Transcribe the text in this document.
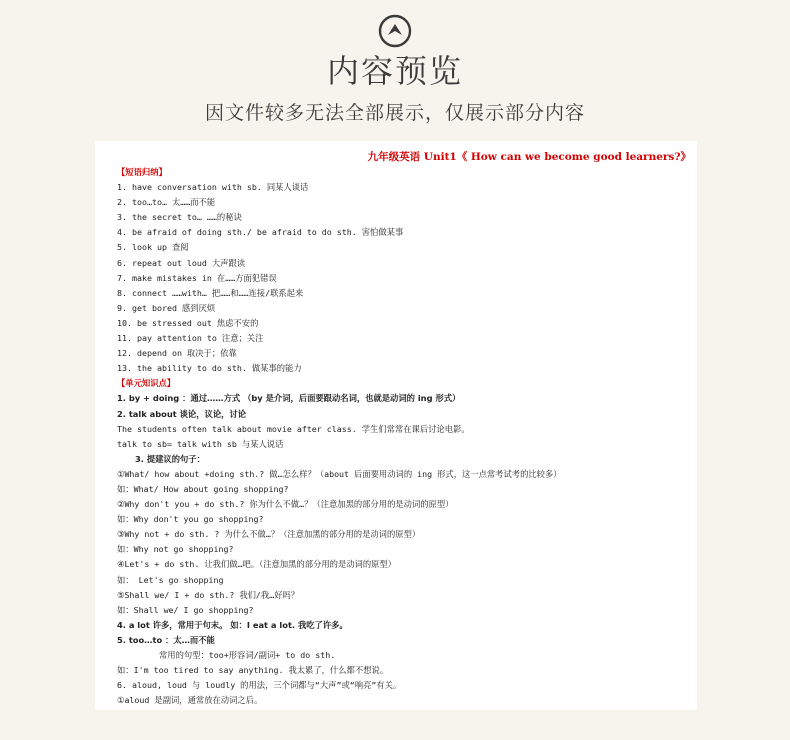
内容预览
因文件较多无法全部展示，仅展示部分内容
九年级英语 Unit1《 How can we become good learners?》
【短语归纳】
1. have conversation with sb. 同某人谈话
2. too…to… 太……而不能
3. the secret to… ……的秘诀
4. be afraid of doing sth./ be afraid to do sth. 害怕做某事
5. look up 查阅
6. repeat out loud 大声跟读
7. make mistakes in 在……方面犯错误
8. connect ……with… 把……和……连接/联系起来
9. get bored 感到厌烦
10. be stressed out 焦虑不安的
11. pay attention to 注意；关注
12. depend on 取决于；依靠
13. the ability to do sth. 做某事的能力
【单元知识点】
1. by + doing ：通过……方式 （by 是介词，后面要跟动名词，也就是动词的 ing 形式）
2. talk about 谈论，议论，讨论
The students often talk about movie after class. 学生们常常在课后讨论电影。
talk to sb= talk with sb 与某人说话
3. 提建议的句子：
①What/ how about +doing sth.? 做…怎么样？（about 后面要用动词的 ing 形式，这一点常考试考的比较多）
如：What/ How about going shopping?
②Why don't you + do sth.? 你为什么不做…？（注意加黑的部分用的是动词的原型）
如：Why don't you go shopping?
③Why not + do sth. ? 为什么不做…？（注意加黑的部分用的是动词的原型）
如：Why not go shopping?
④Let's + do sth. 让我们做…吧。（注意加黑的部分用的是动词的原型）
如： Let's go shopping
⑤Shall we/ I + do sth.? 我们/我…好吗？
如：Shall we/ I go shopping?
4. a lot 许多，常用于句末。 如：I eat a lot. 我吃了许多。
5. too…to ：太…而不能
常用的句型：too+形容词/副词+ to do sth.
如：I'm too tired to say anything. 我太累了，什么都不想说。
6. aloud, loud 与 loudly 的用法，三个词都与“大声”或“响亮”有关。
①aloud 是副词，通常放在动词之后。
